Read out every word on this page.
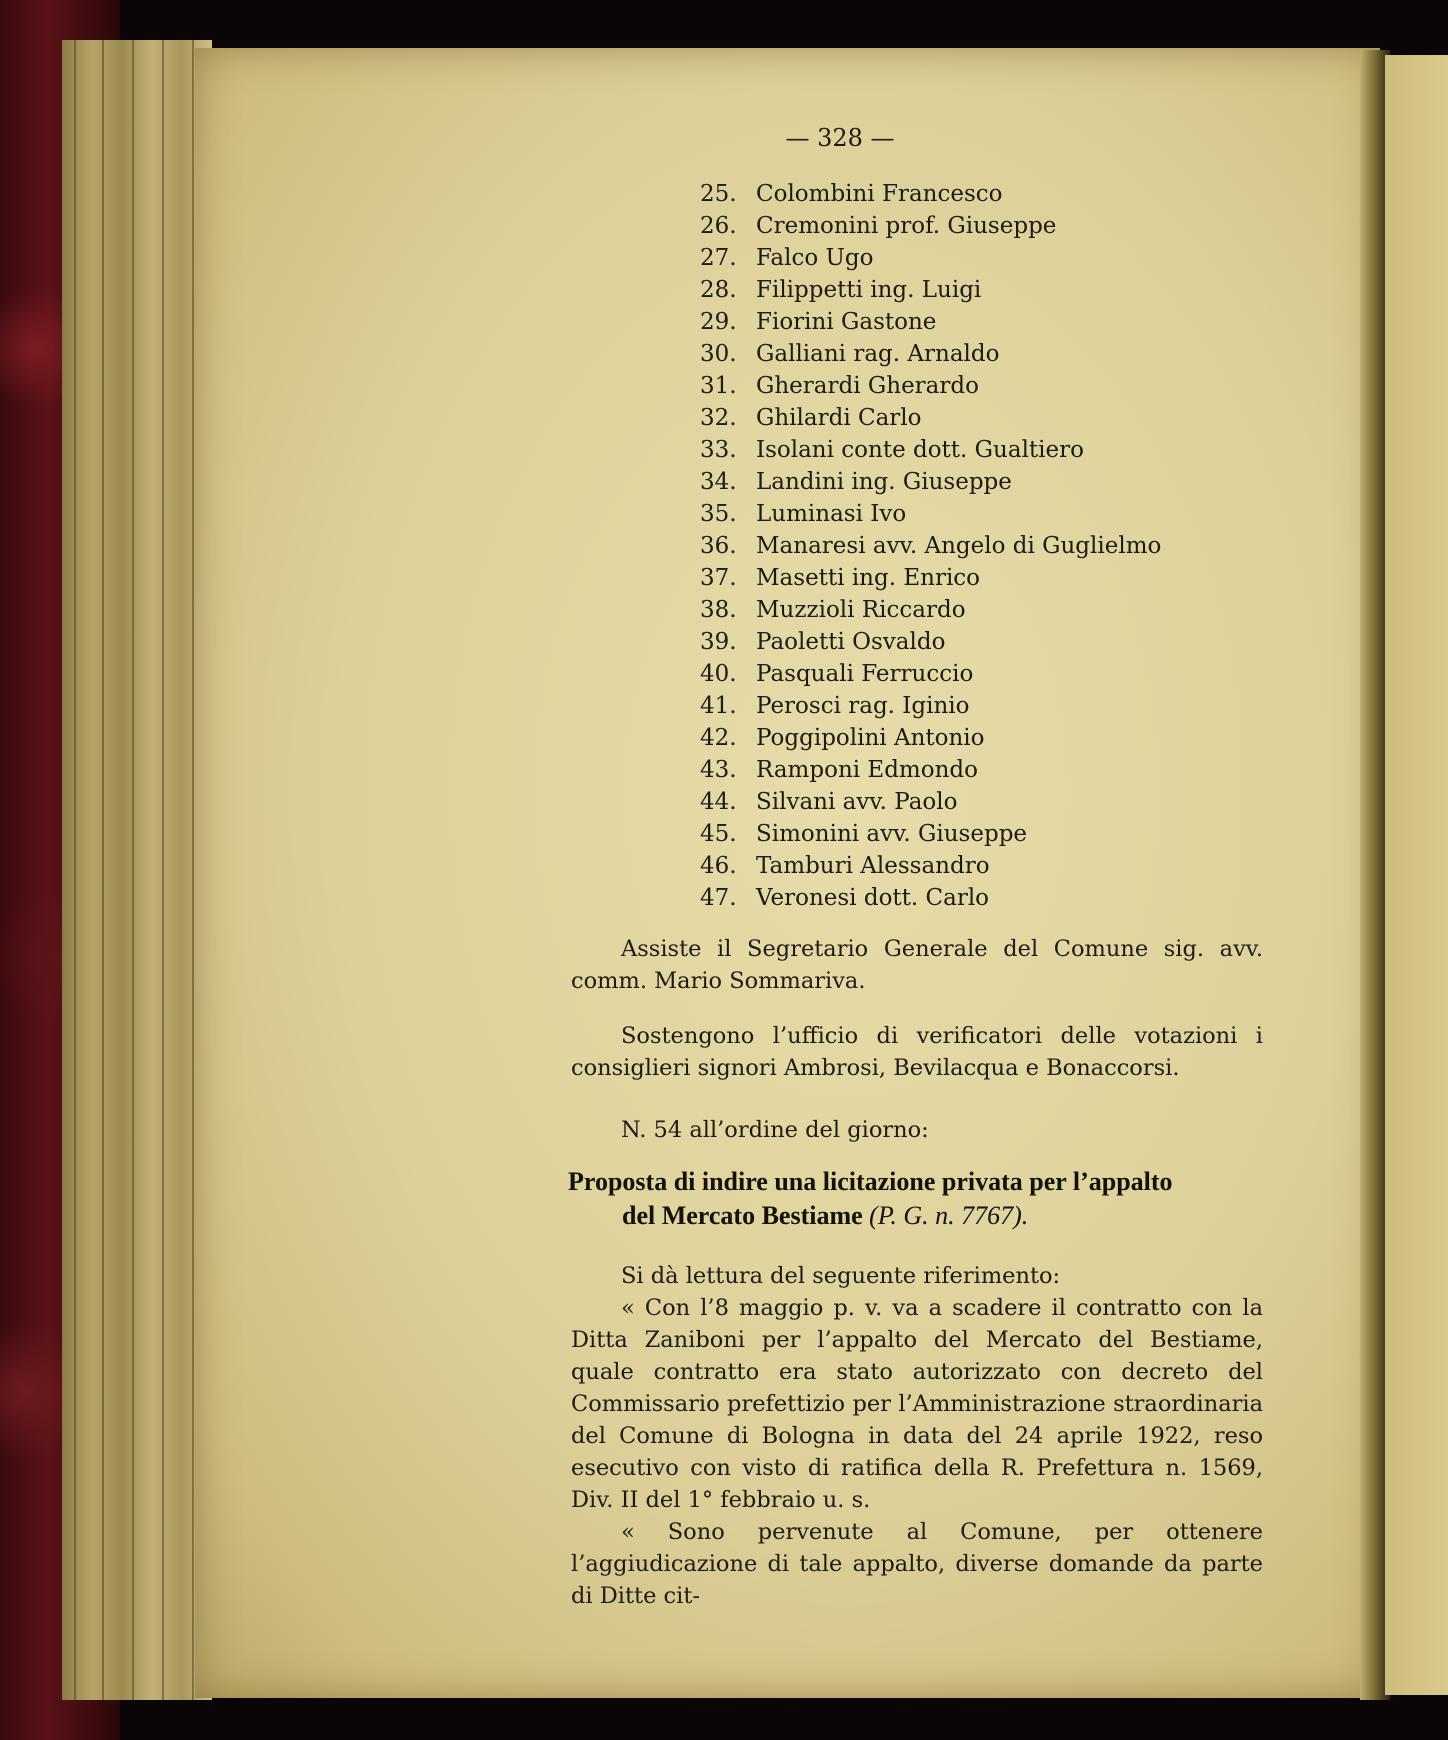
— 328 —
25. Colombini Francesco
26. Cremonini prof. Giuseppe
27. Falco Ugo
28. Filippetti ing. Luigi
29. Fiorini Gastone
30. Galliani rag. Arnaldo
31. Gherardi Gherardo
32. Ghilardi Carlo
33. Isolani conte dott. Gualtiero
34. Landini ing. Giuseppe
35. Luminasi Ivo
36. Manaresi avv. Angelo di Guglielmo
37. Masetti ing. Enrico
38. Muzzioli Riccardo
39. Paoletti Osvaldo
40. Pasquali Ferruccio
41. Perosci rag. Iginio
42. Poggipolini Antonio
43. Ramponi Edmondo
44. Silvani avv. Paolo
45. Simonini avv. Giuseppe
46. Tamburi Alessandro
47. Veronesi dott. Carlo

Assiste il Segretario Generale del Comune sig. avv. comm. Mario Sommariva.

Sostengono l’ufficio di verificatori delle votazioni i consiglieri signori Ambrosi, Bevilacqua e Bonaccorsi.

N. 54 all’ordine del giorno:

Proposta di indire una licitazione privata per l’appalto
del Mercato Bestiame (P. G. n. 7767).

Si dà lettura del seguente riferimento:

« Con l’8 maggio p. v. va a scadere il contratto con la Ditta Zaniboni per l’appalto del Mercato del Bestiame, quale contratto era stato autorizzato con decreto del Commissario prefettizio per l’Amministrazione straordinaria del Comune di Bologna in data del 24 aprile 1922, reso esecutivo con visto di ratifica della R. Prefettura n. 1569, Div. II del 1° febbraio u. s.

« Sono pervenute al Comune, per ottenere l’aggiudicazione di tale appalto, diverse domande da parte di Ditte cit-
